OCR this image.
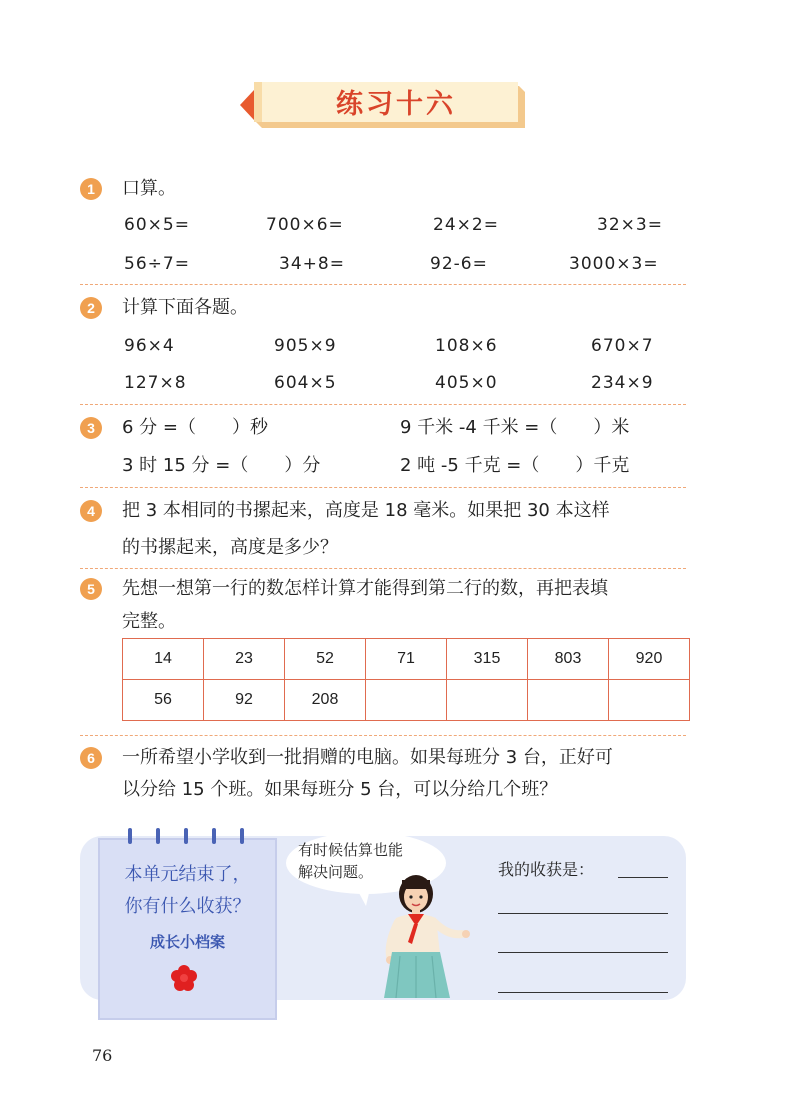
练习十六
1	口算。
60×5=	700×6=	24×2=	32×3=
56÷7=	34+8=	92-6=	3000×3=
2	计算下面各题。
96×4	905×9	108×6	670×7
127×8	604×5	405×0	234×9
3	6 分 =（　　）秒	9 千米 -4 千米 =（　　）米
3 时 15 分 =（　　）分	2 吨 -5 千克 =（　　）千克
4	把 3 本相同的书摞起来，高度是 18 毫米。如果把 30 本这样
的书摞起来，高度是多少？
5	先想一想第一行的数怎样计算才能得到第二行的数，再把表填
完整。
14	23	52	71	315	803	920
56	92	208				
6	一所希望小学收到一批捐赠的电脑。如果每班分 3 台，正好可
以分给 15 个班。如果每班分 5 台，可以分给几个班？
本单元结束了，
你有什么收获？
成长小档案
有时候估算也能
解决问题。	我的收获是：
76
